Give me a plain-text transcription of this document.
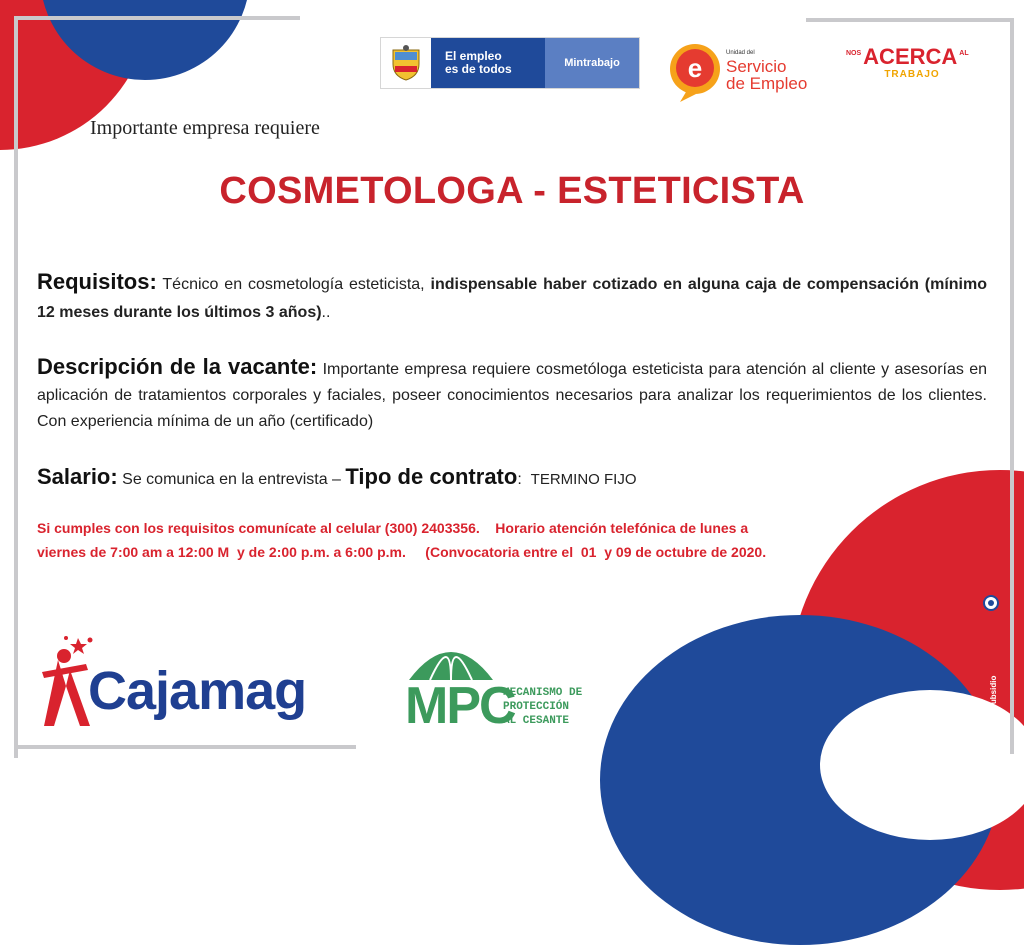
El empleo
es de todos	Mintrabajo	e	Unidad del
Servicio
de Empleo
NOS ACERCA AL
TRABAJO
Importante empresa requiere
COSMETOLOGA - ESTETICISTA
Requisitos: Técnico en cosmetología esteticista, indispensable haber cotizado en alguna caja de compensación (mínimo 12 meses durante los últimos 3 años)..
Descripción de la vacante: Importante empresa requiere cosmetóloga esteticista para atención al cliente y asesorías en aplicación de tratamientos corporales y faciales, poseer conocimientos necesarios para analizar los requerimientos de los clientes. Con experiencia mínima de un año (certificado)
Salario: Se comunica en la entrevista – Tipo de contrato: TERMINO FIJO
Si cumples con los requisitos comunícate al celular (300) 2403356.    Horario atención telefónica de lunes a
viernes de 7:00 am a 12:00 M  y de 2:00 p.m. a 6:00 p.m.     (Convocatoria entre el  01  y 09 de octubre de 2020.
Cajamag MPC
MECANISMO DE
PROTECCIÓN
AL CESANTE	VIGILADO SuperSubsidio
